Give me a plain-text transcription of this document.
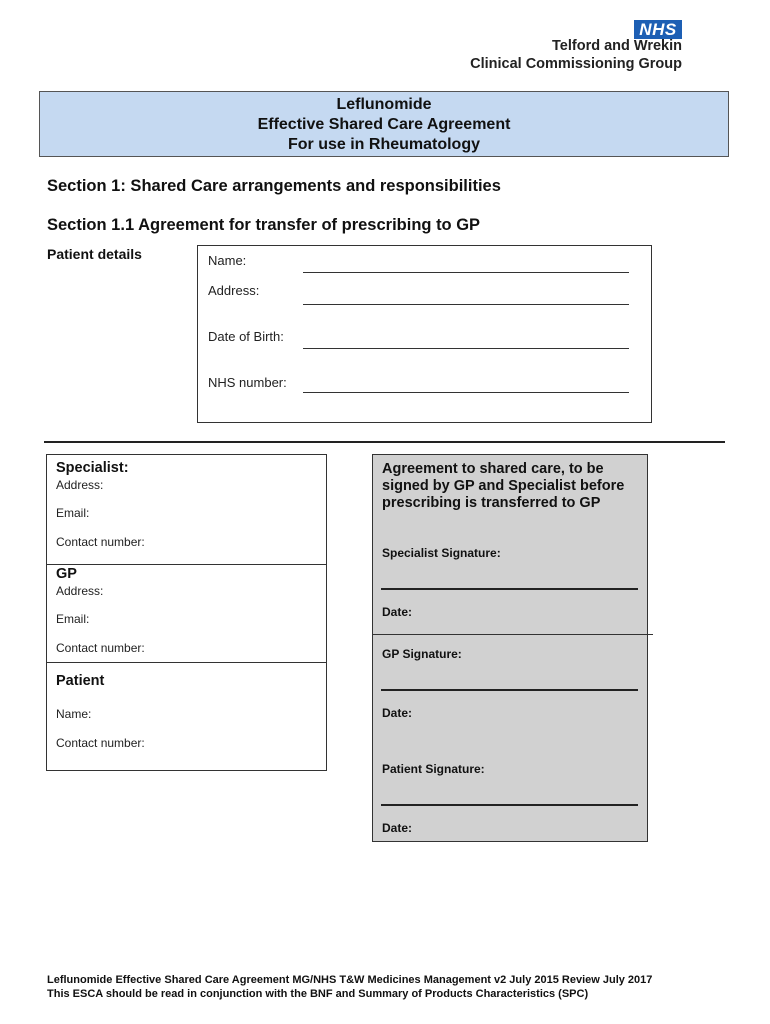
NHS
Telford and Wrekin
Clinical Commissioning Group
Leflunomide
Effective Shared Care Agreement
For use in Rheumatology
Section 1: Shared Care arrangements and responsibilities
Section 1.1 Agreement for transfer of prescribing to GP
Patient details	Name:
Address:
Date of Birth:
NHS number:
Specialist:
Address:
Email:
Contact number:
GP
Address:
Email:
Contact number:
Patient
Name:
Contact number:
Agreement to shared care, to be signed by GP and Specialist before prescribing is transferred to GP
Specialist Signature:
Date:
GP Signature:
Date:
Patient Signature:
Date:
Leflunomide Effective Shared Care Agreement MG/NHS T&W Medicines Management v2 July 2015 Review July 2017
This ESCA should be read in conjunction with the BNF and Summary of Products Characteristics (SPC)
